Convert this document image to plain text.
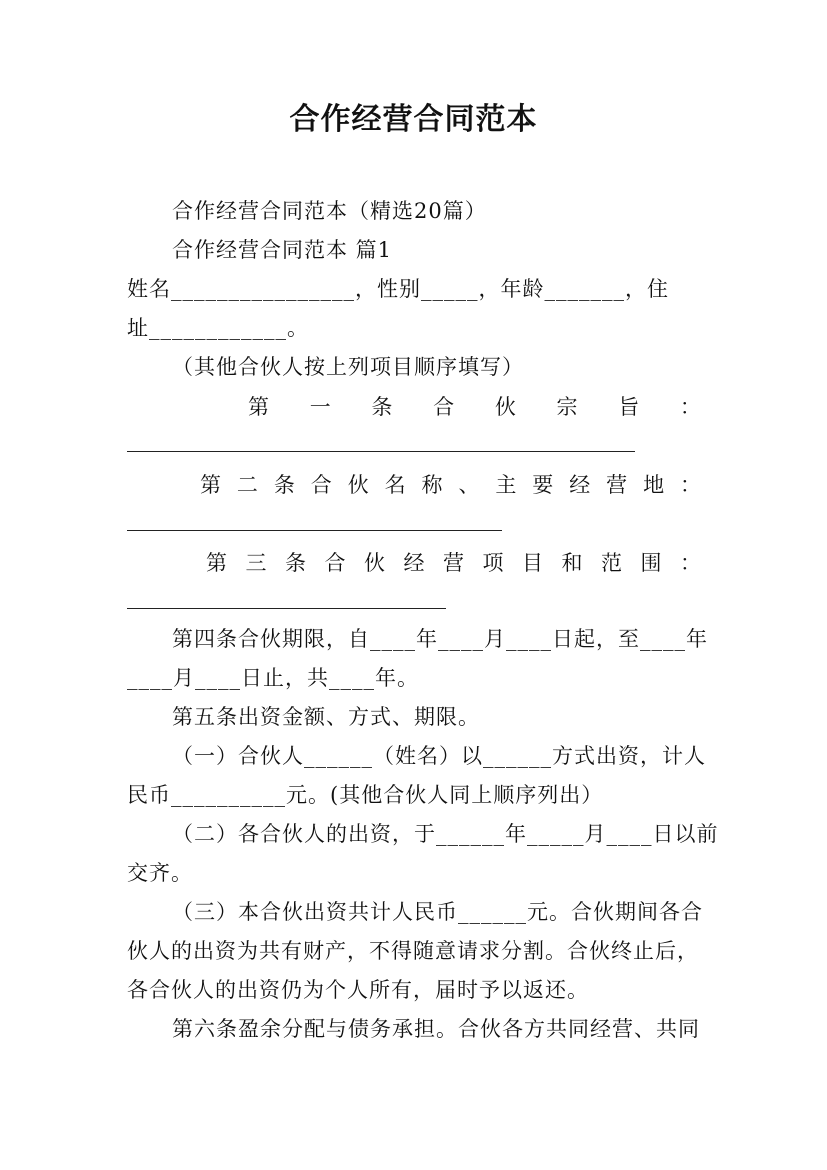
合作经营合同范本
合作经营合同范本（精选20篇）
合作经营合同范本 篇1
姓名________________，性别_____，年龄_______，住
址____________。
（其他合伙人按上列项目顺序填写）
第 一 条 合 伙 宗 旨 ：
第 二 条 合 伙 名 称 、 主 要 经 营 地 ：
第 三 条 合 伙 经 营 项 目 和 范 围 ：
第四条合伙期限，自____年____月____日起，至____年
____月____日止，共____年。
第五条出资金额、方式、期限。
（一）合伙人______（姓名）以______方式出资，计人
民币__________元。(其他合伙人同上顺序列出）
（二）各合伙人的出资，于______年_____月____日以前
交齐。
（三）本合伙出资共计人民币______元。合伙期间各合
伙人的出资为共有财产，不得随意请求分割。合伙终止后，
各合伙人的出资仍为个人所有，届时予以返还。
第六条盈余分配与债务承担。合伙各方共同经营、共同
